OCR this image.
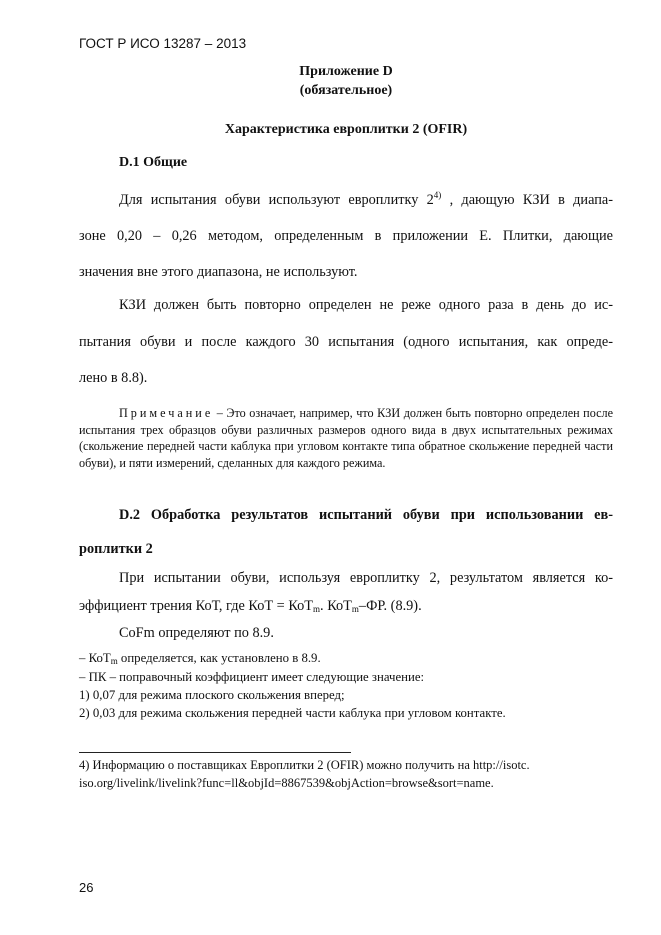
ГОСТ Р ИСО 13287 – 2013
Приложение D
(обязательное)
Характеристика европлитки 2 (OFIR)
D.1 Общие
Для испытания обуви используют европлитку 2$^{4)}$ , дающую КЗИ в диапа-
зоне 0,20 – 0,26 методом, определенным в приложении E. Плитки, дающие
значения вне этого диапазона, не используют.
КЗИ должен быть повторно определен не реже одного раза в день до ис-
пытания обуви и после каждого 30 испытания (одного испытания, как опреде-
лено в 8.8).
Примечание – Это означает, например, что КЗИ должен быть повторно определен после испытания трех образцов обуви различных размеров одного вида в двух испытательных режимах (скольжение передней части каблука при угловом контакте типа обратное скольжение передней части обуви), и пяти измерений, сделанных для каждого режима.
D.2 Обработка результатов испытаний обуви при использовании ев-
роплитки 2
При испытании обуви, используя европлитку 2, результатом является ко-
эффициент трения КоТ, где КоТ = КоТ$_m$. КоТ$_m$–ФР. (8.9).
CoFm определяют по 8.9.
– КоТ$_m$ определяется, как установлено в 8.9.
– ПК – поправочный коэффициент имеет следующие значение:
1) 0,07 для режима плоского скольжения вперед;
2) 0,03 для режима скольжения передней части каблука при угловом контакте.
4) Информацию о поставщиках Европлитки 2 (OFIR) можно получить на http://isotc.
iso.org/livelink/livelink?func=ll&objId=8867539&objAction=browse&sort=name.
26
